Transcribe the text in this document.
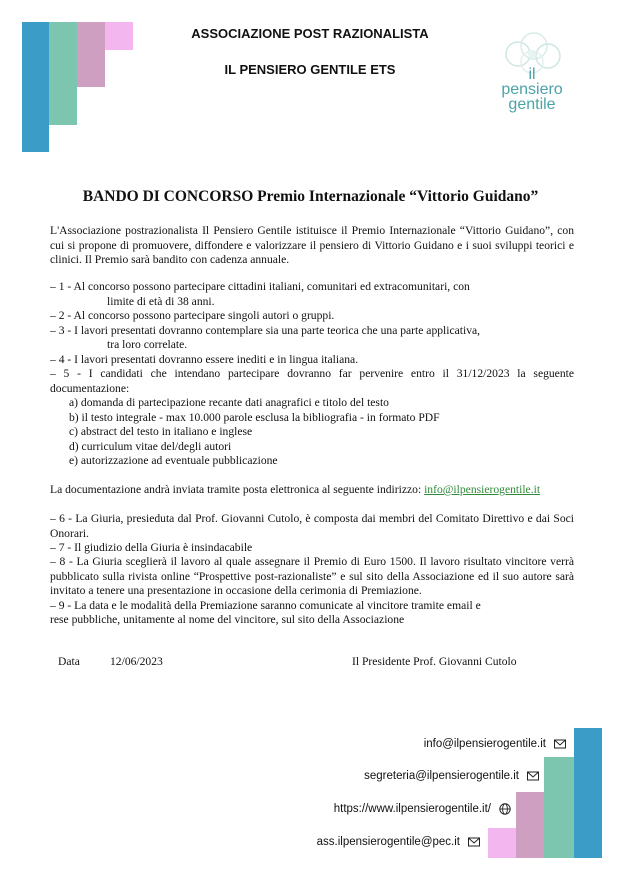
ASSOCIAZIONE POST RAZIONALISTA
IL PENSIERO GENTILE ETS	il
pensiero
gentile
BANDO DI CONCORSO Premio Internazionale “Vittorio Guidano”
L'Associazione postrazionalista Il Pensiero Gentile istituisce il Premio Internazionale “Vittorio Guidano”, con cui si propone di promuovere, diffondere e valorizzare il pensiero di Vittorio Guidano e i suoi sviluppi teorici e clinici. Il Premio sarà bandito con cadenza annuale.
– 1 - Al concorso possono partecipare cittadini italiani, comunitari ed extracomunitari, con
limite di età di 38 anni.
– 2 - Al concorso possono partecipare singoli autori o gruppi.
– 3 - I lavori presentati dovranno contemplare sia una parte teorica che una parte applicativa,
tra loro correlate.
– 4 - I lavori presentati dovranno essere inediti e in lingua italiana.
– 5 - I candidati che intendano partecipare dovranno far pervenire entro il 31/12/2023 la seguente documentazione:
a) domanda di partecipazione recante dati anagrafici e titolo del testo
b) il testo integrale - max 10.000 parole esclusa la bibliografia - in formato PDF
c) abstract del testo in italiano e inglese
d) curriculum vitae del/degli autori
e) autorizzazione ad eventuale pubblicazione
La documentazione andrà inviata tramite posta elettronica al seguente indirizzo: info@ilpensierogentile.it
– 6 - La Giuria, presieduta dal Prof. Giovanni Cutolo, è composta dai membri del Comitato Direttivo e dai Soci Onorari.
– 7 - Il giudizio della Giuria è insindacabile
– 8 - La Giuria sceglierà il lavoro al quale assegnare il Premio di Euro 1500. Il lavoro risultato vincitore verrà pubblicato sulla rivista online “Prospettive post-razionaliste” e sul sito della Associazione ed il suo autore sarà invitato a tenere una presentazione in occasione della cerimonia di Premiazione.
– 9 - La data e le modalità della Premiazione saranno comunicate al vincitore tramite email e
rese pubbliche, unitamente al nome del vincitore, sul sito della Associazione
Data	12/06/2023	Il Presidente Prof. Giovanni Cutolo
info@ilpensierogentile.it
segreteria@ilpensierogentile.it
https://www.ilpensierogentile.it/
ass.ilpensierogentile@pec.it
